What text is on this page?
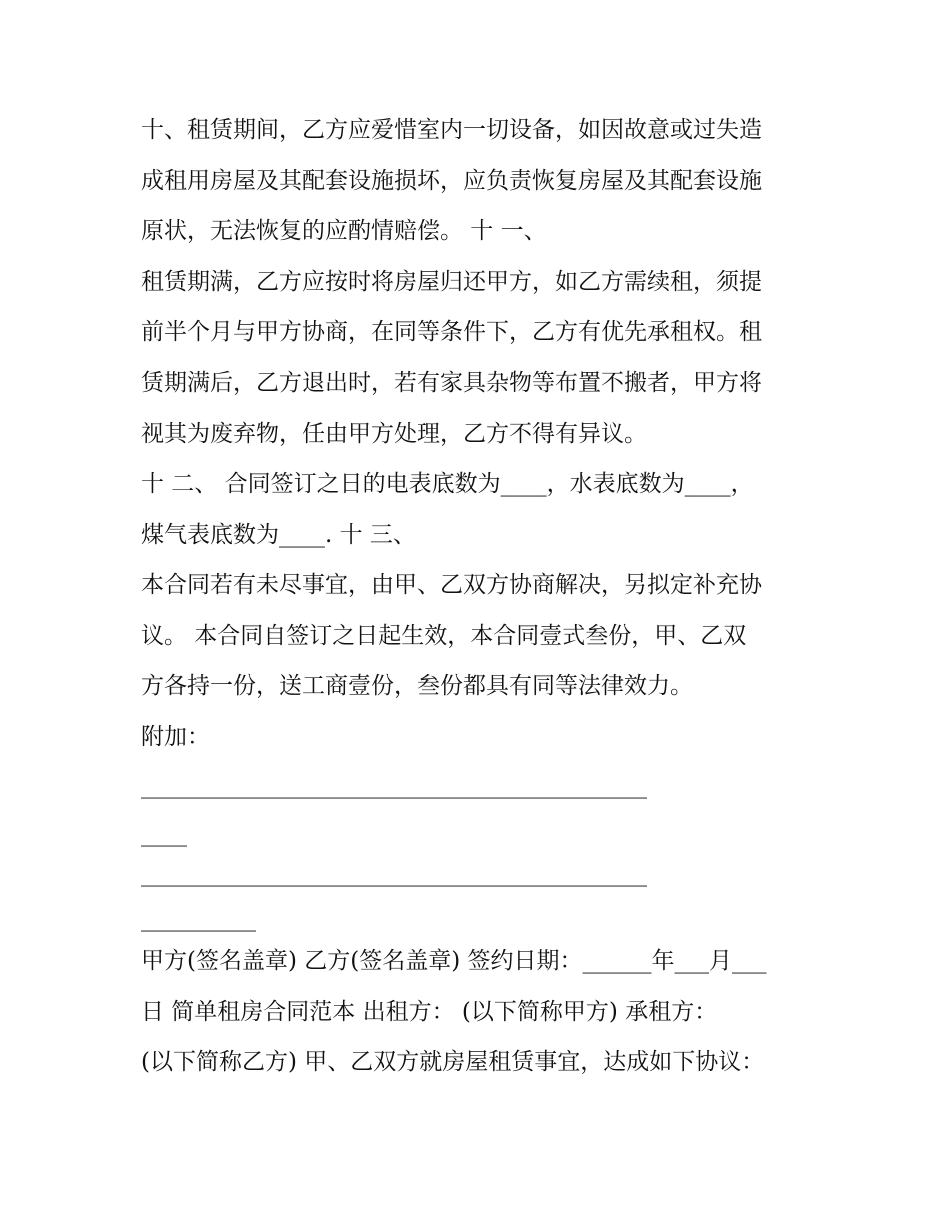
十、租赁期间，乙方应爱惜室内一切设备，如因故意或过失造
成租用房屋及其配套设施损坏，应负责恢复房屋及其配套设施
原状，无法恢复的应酌情赔偿。 十 一、
租赁期满，乙方应按时将房屋归还甲方，如乙方需续租，须提
前半个月与甲方协商，在同等条件下，乙方有优先承租权。租
赁期满后，乙方退出时，若有家具杂物等布置不搬者，甲方将
视其为废弃物，任由甲方处理，乙方不得有异议。
十 二、 合同签订之日的电表底数为____，水表底数为____，
煤气表底数为____. 十 三、
本合同若有未尽事宜，由甲、乙双方协商解决，另拟定补充协
议。 本合同自签订之日起生效，本合同壹式叁份，甲、乙双
方各持一份，送工商壹份，叁份都具有同等法律效力。
附加：
____________________________________________
____
____________________________________________
__________
甲方(签名盖章) 乙方(签名盖章) 签约日期：______年___月___
日 简单租房合同范本 出租方： (以下简称甲方) 承租方：
(以下简称乙方) 甲、乙双方就房屋租赁事宜，达成如下协议：
